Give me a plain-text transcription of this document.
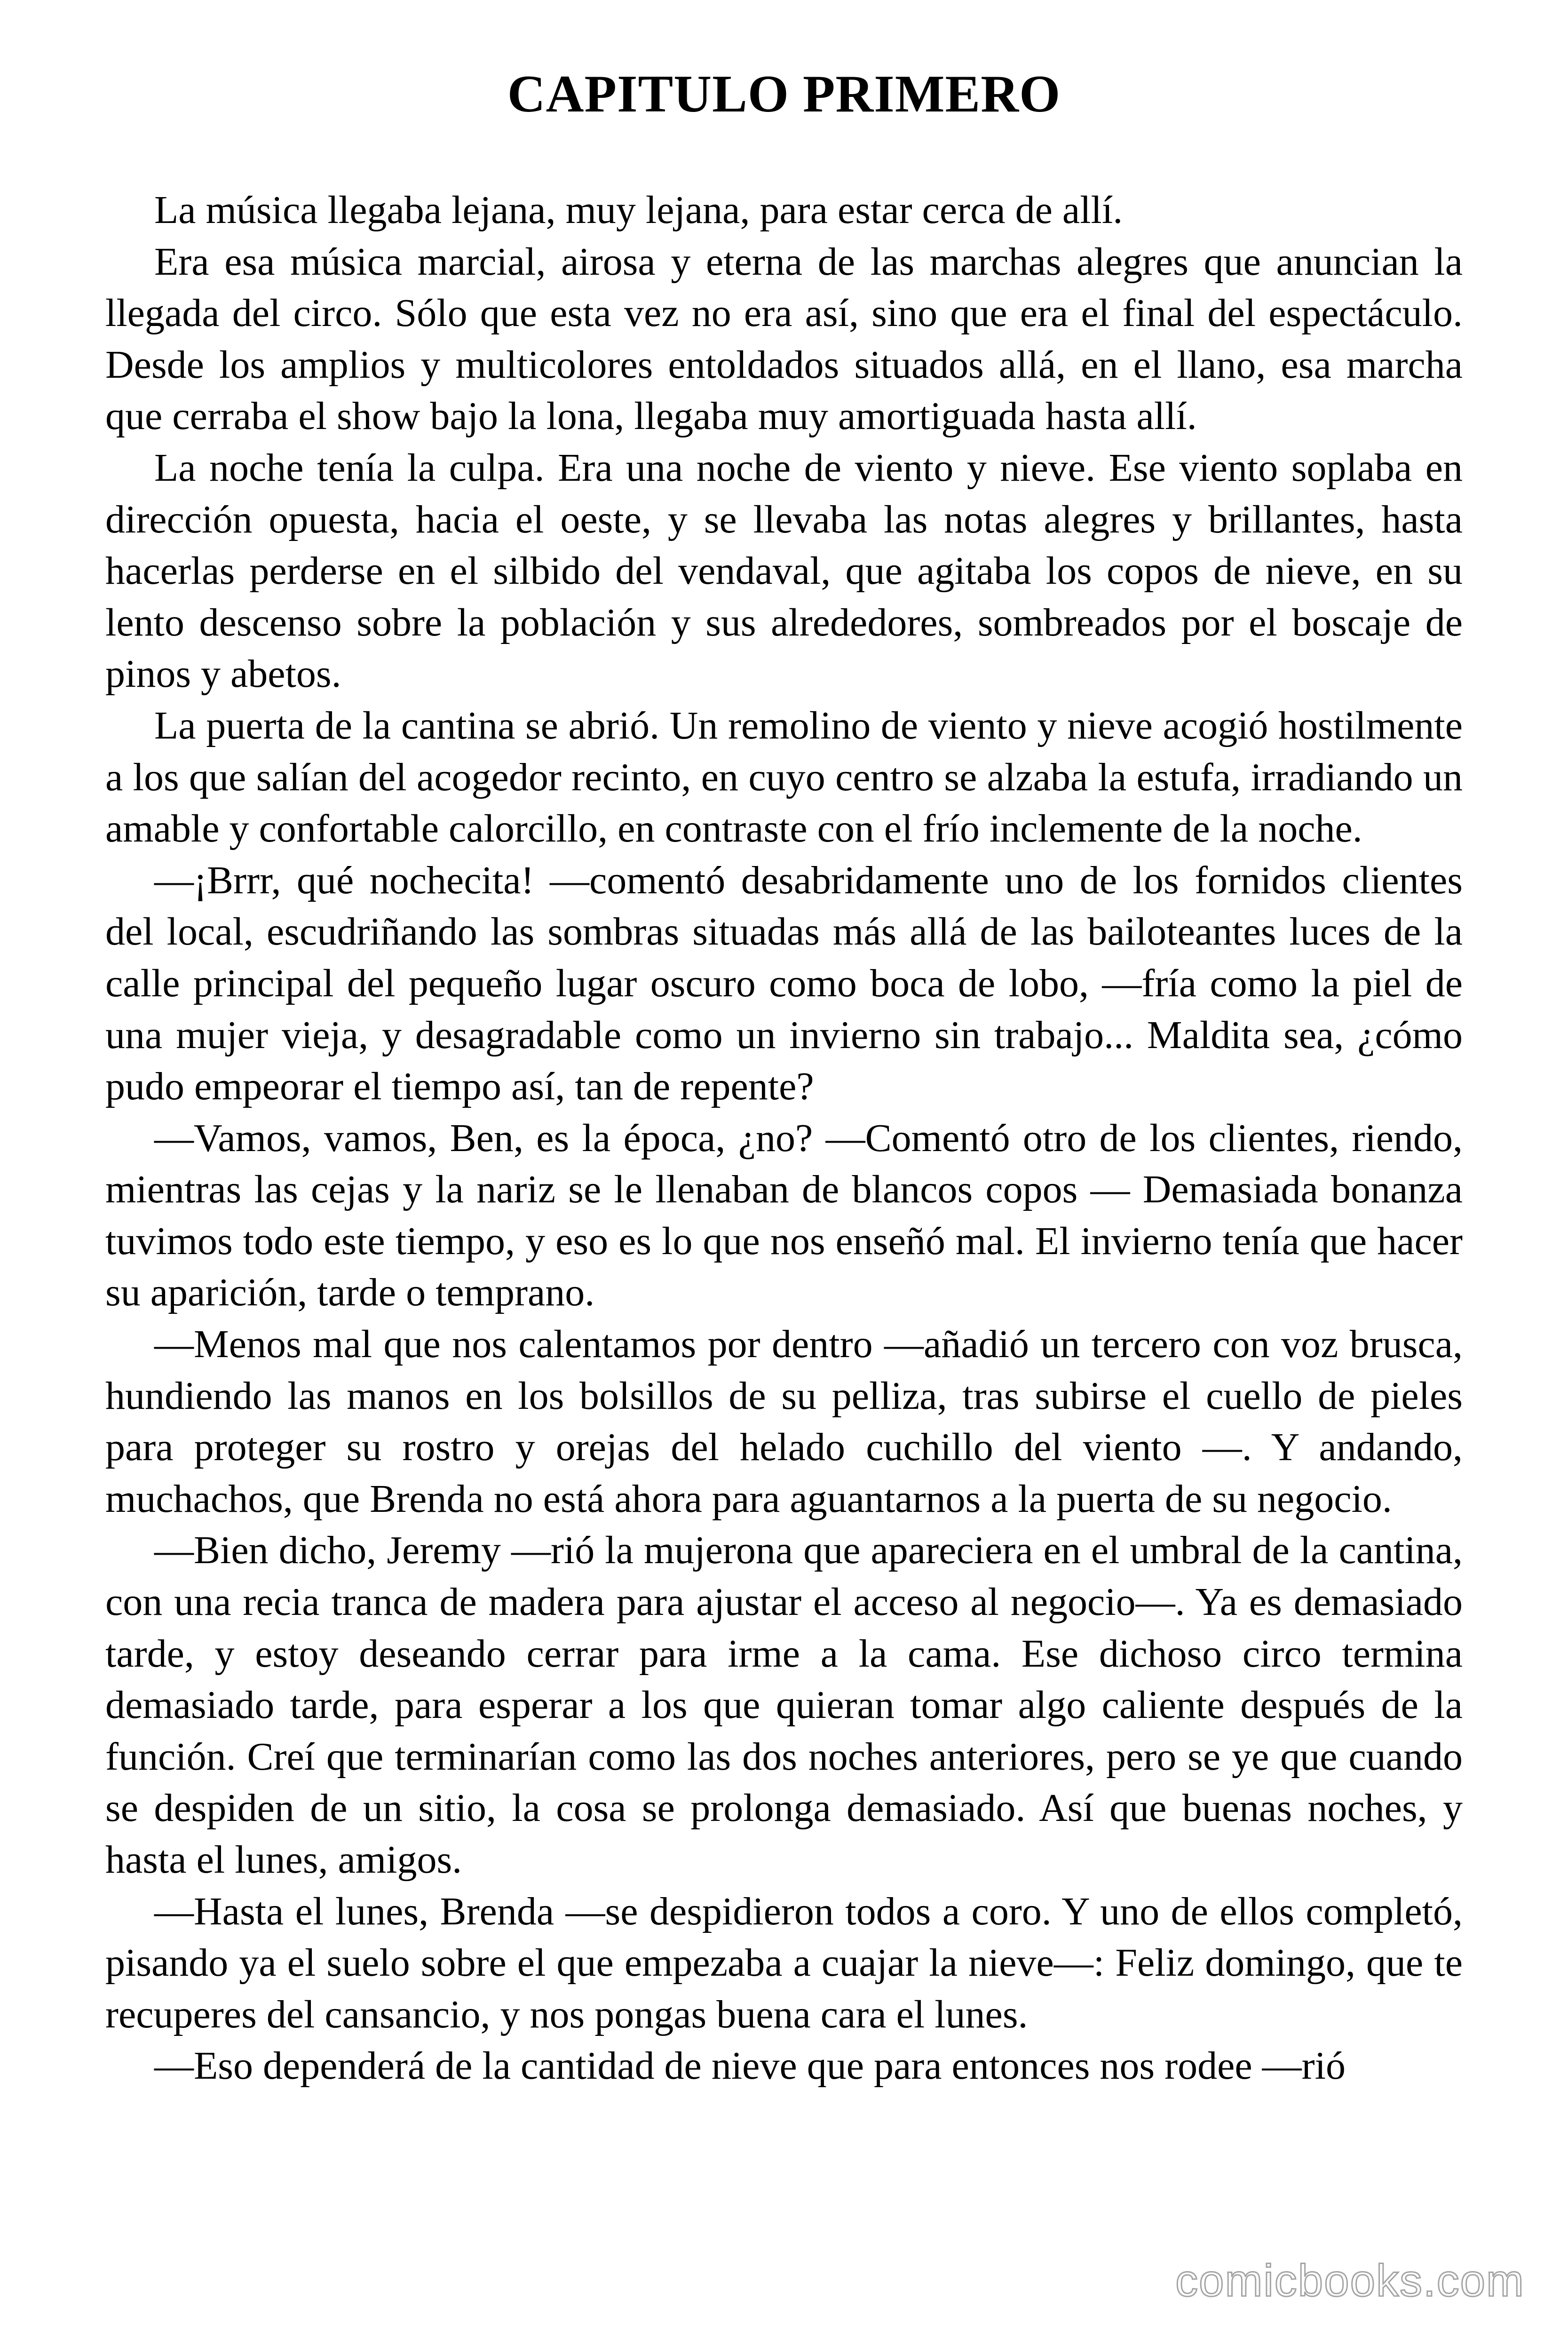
CAPITULO PRIMERO

La música llegaba lejana, muy lejana, para estar cerca de allí.

Era esa música marcial, airosa y eterna de las marchas alegres que anuncian la llegada del circo. Sólo que esta vez no era así, sino que era el final del espectáculo. Desde los amplios y multicolores entoldados situados allá, en el llano, esa marcha que cerraba el show bajo la lona, llegaba muy amortiguada hasta allí.

La noche tenía la culpa. Era una noche de viento y nieve. Ese viento soplaba en dirección opuesta, hacia el oeste, y se llevaba las notas alegres y brillantes, hasta hacerlas perderse en el silbido del vendaval, que agitaba los copos de nieve, en su lento descenso sobre la población y sus alrededores, sombreados por el boscaje de pinos y abetos.

La puerta de la cantina se abrió. Un remolino de viento y nieve acogió hostilmente a los que salían del acogedor recinto, en cuyo centro se alzaba la estufa, irradiando un amable y confortable calorcillo, en contraste con el frío inclemente de la noche.

—¡Brrr, qué nochecita! —comentó desabridamente uno de los fornidos clientes del local, escudriñando las sombras situadas más allá de las bailoteantes luces de la calle principal del pequeño lugar oscuro como boca de lobo, —fría como la piel de una mujer vieja, y desagradable como un invierno sin trabajo... Maldita sea, ¿cómo pudo empeorar el tiempo así, tan de repente?

—Vamos, vamos, Ben, es la época, ¿no? —Comentó otro de los clientes, riendo, mientras las cejas y la nariz se le llenaban de blancos copos — Demasiada bonanza tuvimos todo este tiempo, y eso es lo que nos enseñó mal. El invierno tenía que hacer su aparición, tarde o temprano.

—Menos mal que nos calentamos por dentro —añadió un tercero con voz brusca, hundiendo las manos en los bolsillos de su pelliza, tras subirse el cuello de pieles para proteger su rostro y orejas del helado cuchillo del viento —. Y andando, muchachos, que Brenda no está ahora para aguantarnos a la puerta de su negocio.

—Bien dicho, Jeremy —rió la mujerona que apareciera en el umbral de la cantina, con una recia tranca de madera para ajustar el acceso al negocio—. Ya es demasiado tarde, y estoy deseando cerrar para irme a la cama. Ese dichoso circo termina demasiado tarde, para esperar a los que quieran tomar algo caliente después de la función. Creí que terminarían como las dos noches anteriores, pero se ye que cuando se despiden de un sitio, la cosa se prolonga demasiado. Así que buenas noches, y hasta el lunes, amigos.

—Hasta el lunes, Brenda —se despidieron todos a coro. Y uno de ellos completó, pisando ya el suelo sobre el que empezaba a cuajar la nieve—: Feliz domingo, que te recuperes del cansancio, y nos pongas buena cara el lunes.

—Eso dependerá de la cantidad de nieve que para entonces nos rodee —rió

comicbooks.com
